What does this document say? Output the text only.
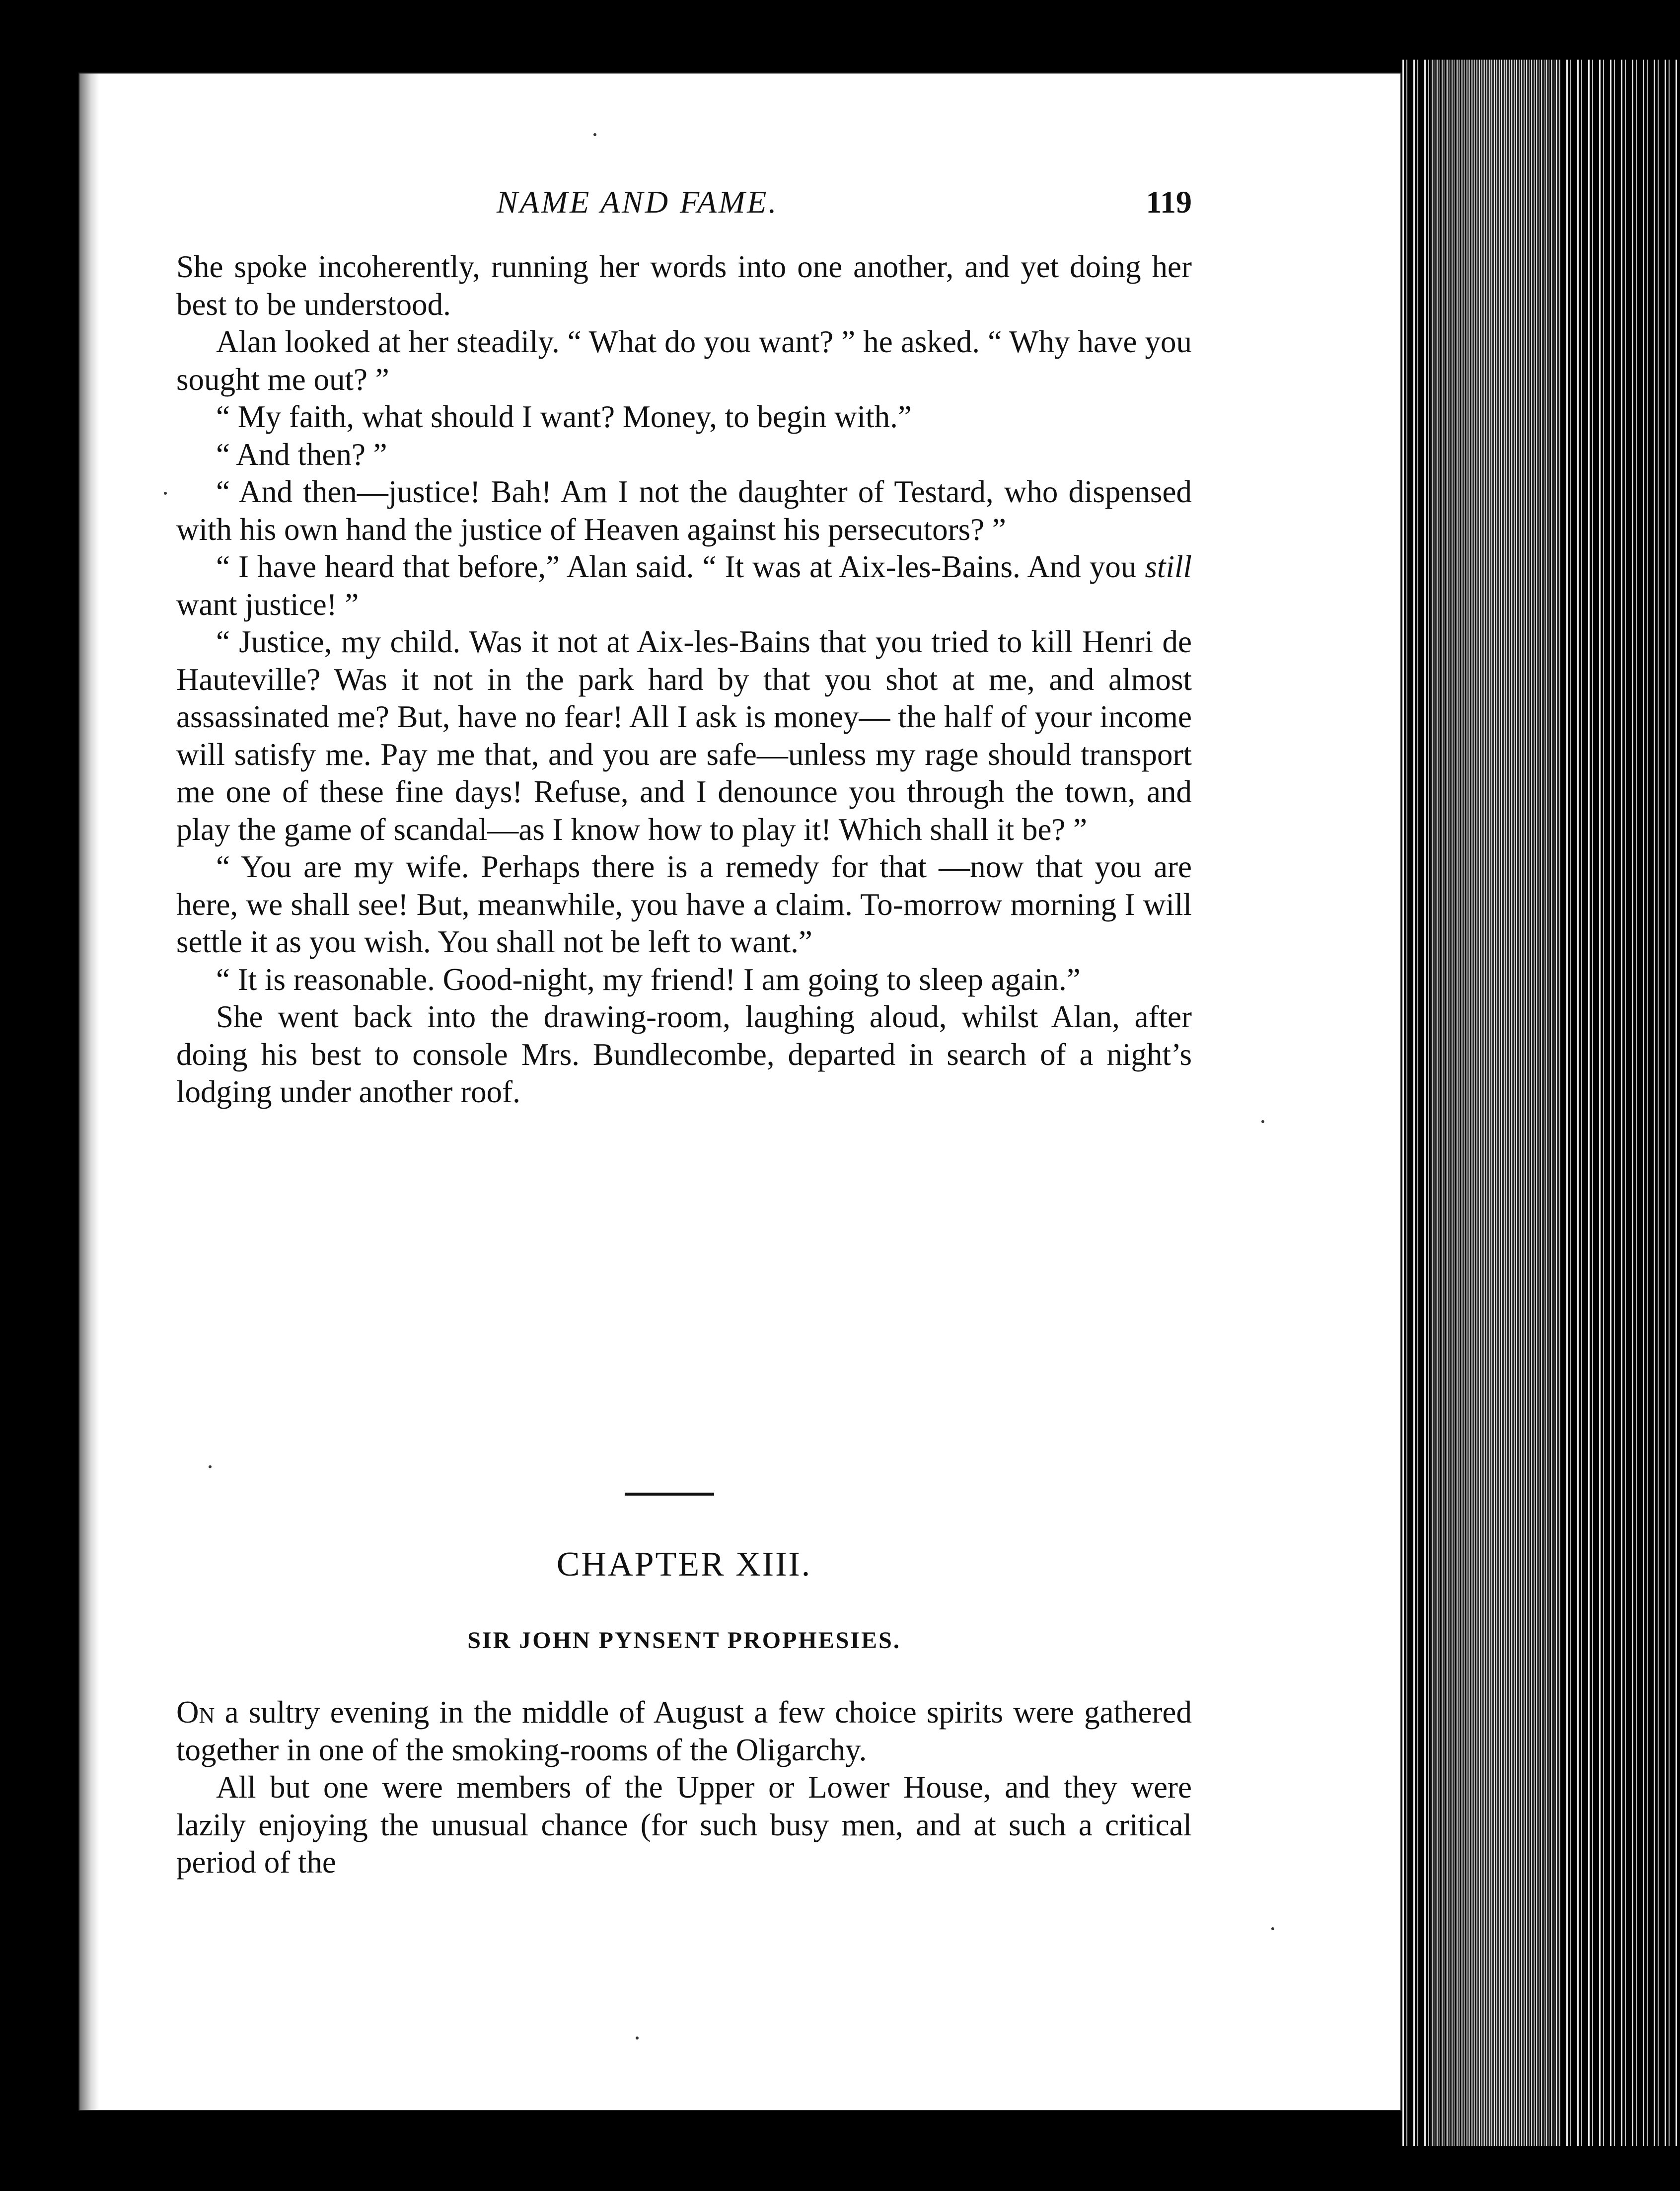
NAME AND FAME.	119

She spoke incoherently, running her words into one another, and yet doing her best to be understood.

Alan looked at her steadily. “ What do you want? ” he asked. “ Why have you sought me out? ”

“ My faith, what should I want? Money, to begin with.”

“ And then? ”

“ And then—justice! Bah! Am I not the daughter of Testard, who dispensed with his own hand the justice of Heaven against his persecutors? ”

“ I have heard that before,” Alan said. “ It was at Aix-les-Bains. And you still want justice! ”

“ Justice, my child. Was it not at Aix-les-Bains that you tried to kill Henri de Hauteville? Was it not in the park hard by that you shot at me, and almost assassinated me? But, have no fear! All I ask is money— the half of your income will satisfy me. Pay me that, and you are safe—unless my rage should transport me one of these fine days! Refuse, and I denounce you through the town, and play the game of scandal—as I know how to play it! Which shall it be? ”

“ You are my wife. Perhaps there is a remedy for that —now that you are here, we shall see! But, meanwhile, you have a claim. To-morrow morning I will settle it as you wish. You shall not be left to want.”

“ It is reasonable. Good-night, my friend! I am going to sleep again.”

She went back into the drawing-room, laughing aloud, whilst Alan, after doing his best to console Mrs. Bundlecombe, departed in search of a night’s lodging under another roof.

CHAPTER XIII.
SIR JOHN PYNSENT PROPHESIES.

On a sultry evening in the middle of August a few choice spirits were gathered together in one of the smoking-rooms of the Oligarchy.

All but one were members of the Upper or Lower House, and they were lazily enjoying the unusual chance (for such busy men, and at such a critical period of the
